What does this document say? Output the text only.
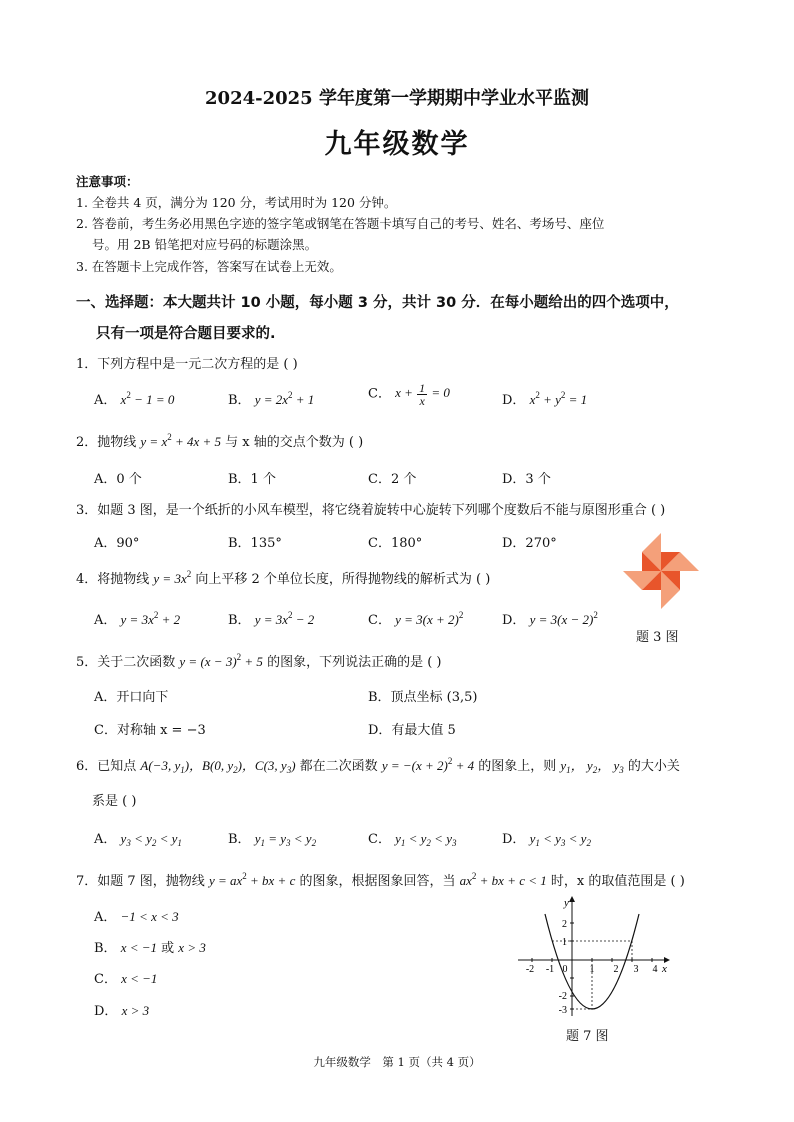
2024-2025 学年度第一学期期中学业水平监测
九年级数学
注意事项：
1. 全卷共 4 页，满分为 120 分，考试用时为 120 分钟。
2. 答卷前，考生务必用黑色字迹的签字笔或钢笔在答题卡填写自己的考号、姓名、考场号、座位
号。用 2B 铅笔把对应号码的标题涂黑。
3. 在答题卡上完成作答，答案写在试卷上无效。
一、选择题：本大题共计 10 小题，每小题 3 分，共计 30 分．在每小题给出的四个选项中，
只有一项是符合题目要求的.
1．下列方程中是一元二次方程的是 ( )
A． $x^2 - 1 = 0$	B． $y = 2x^2 + 1$	C． $x + \frac{1}{x} = 0$
D． $x^2 + y^2 = 1$
2．抛物线 $y = x^2 + 4x + 5$ 与 x 轴的交点个数为 ( )
A．0 个	B．1 个	C．2 个	D．3 个
3．如题 3 图，是一个纸折的小风车模型，将它绕着旋转中心旋转下列哪个度数后不能与原图形重合 ( )
A．90°	B．135°	C．180°	D．270°
题 3 图
4．将抛物线 $y = 3x^2$ 向上平移 2 个单位长度，所得抛物线的解析式为 ( )
A． $y = 3x^2 + 2$	B． $y = 3x^2 - 2$	C． $y = 3(x + 2)^2$	D． $y = 3(x - 2)^2$
5．关于二次函数 $y = (x - 3)^2 + 5$ 的图象，下列说法正确的是 ( )
A．开口向下	B．顶点坐标 (3,5)
C．对称轴 x = −3	D．有最大值 5
6．已知点 A(−3, $y_1$)，B(0, $y_2$)，C(3, $y_3$) 都在二次函数 $y = -(x + 2)^2 + 4$ 的图象上，则 $y_1$， $y_2$， $y_3$ 的大小关
系是 ( )
A． $y_3 < y_2 < y_1$	B． $y_1 = y_3 < y_2$	C． $y_1 < y_2 < y_3$	D． $y_1 < y_3 < y_2$
7．如题 7 图，抛物线 $y = ax^2$ + bx + c 的图象，根据图象回答，当 $ax^2$ + bx + c < 1 时，x 的取值范围是 ( )
A． −1 < x < 3
B． x < −1 或 x > 3
C． x < −1
D． x > 3
-2 -1 0 1 2 3 4 x
y
2
1
-2
-3
题 7 图
九年级数学　第 1 页（共 4 页）
